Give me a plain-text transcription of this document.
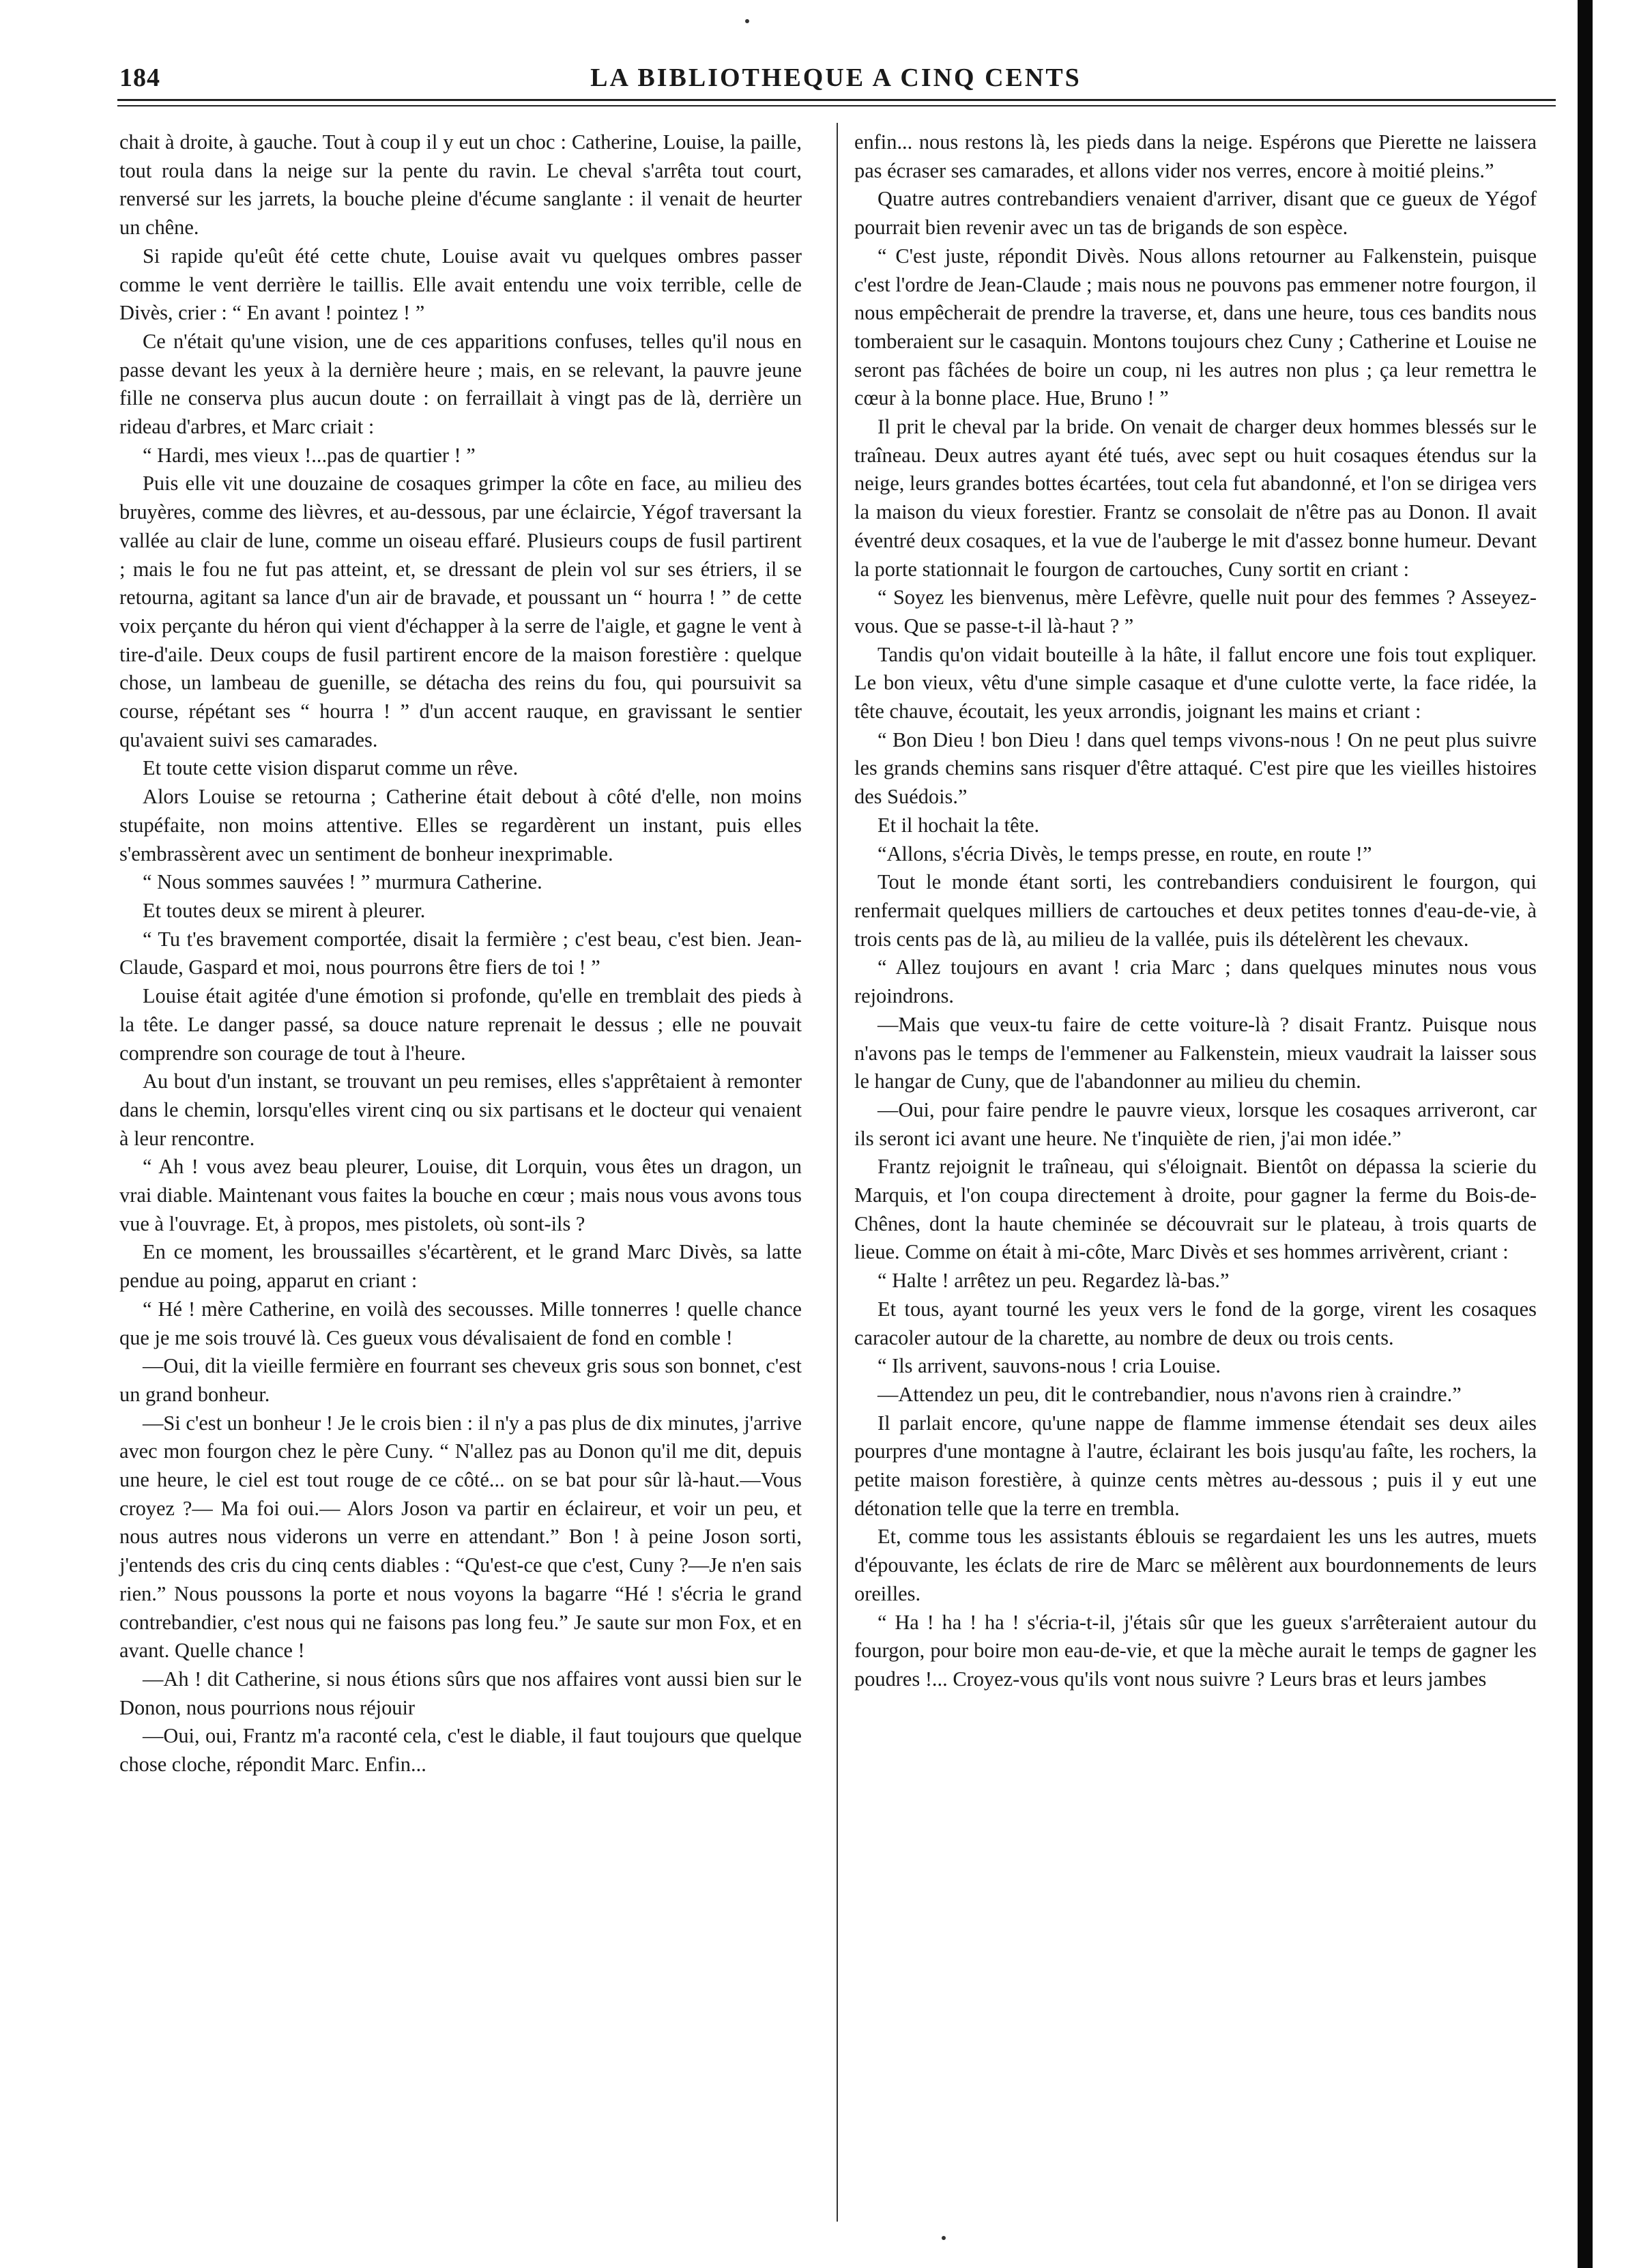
184	LA BIBLIOTHEQUE A CINQ CENTS

chait à droite, à gauche. Tout à coup il y eut un choc : Catherine, Louise, la paille, tout roula dans la neige sur la pente du ravin. Le cheval s'arrêta tout court, renversé sur les jarrets, la bouche pleine d'écume sanglante : il venait de heurter un chêne.

Si rapide qu'eût été cette chute, Louise avait vu quelques ombres passer comme le vent derrière le taillis. Elle avait entendu une voix terrible, celle de Divès, crier : “ En avant ! pointez ! ”

Ce n'était qu'une vision, une de ces apparitions confuses, telles qu'il nous en passe devant les yeux à la dernière heure ; mais, en se relevant, la pauvre jeune fille ne conserva plus aucun doute : on ferraillait à vingt pas de là, derrière un rideau d'arbres, et Marc criait :

“ Hardi, mes vieux !...pas de quartier ! ”

Puis elle vit une douzaine de cosaques grimper la côte en face, au milieu des bruyères, comme des lièvres, et au-dessous, par une éclaircie, Yégof traversant la vallée au clair de lune, comme un oiseau effaré. Plusieurs coups de fusil partirent ; mais le fou ne fut pas atteint, et, se dressant de plein vol sur ses étriers, il se retourna, agitant sa lance d'un air de bravade, et poussant un “ hourra ! ” de cette voix perçante du héron qui vient d'échapper à la serre de l'aigle, et gagne le vent à tire-d'aile. Deux coups de fusil partirent encore de la maison forestière : quelque chose, un lambeau de guenille, se détacha des reins du fou, qui poursuivit sa course, répétant ses “ hourra ! ” d'un accent rauque, en gravissant le sentier qu'avaient suivi ses camarades.

Et toute cette vision disparut comme un rêve.

Alors Louise se retourna ; Catherine était debout à côté d'elle, non moins stupéfaite, non moins attentive. Elles se regardèrent un instant, puis elles s'embrassèrent avec un sentiment de bonheur inexprimable.

“ Nous sommes sauvées ! ” murmura Catherine.

Et toutes deux se mirent à pleurer.

“ Tu t'es bravement comportée, disait la fermière ; c'est beau, c'est bien. Jean-Claude, Gaspard et moi, nous pourrons être fiers de toi ! ”

Louise était agitée d'une émotion si profonde, qu'elle en tremblait des pieds à la tête. Le danger passé, sa douce nature reprenait le dessus ; elle ne pouvait comprendre son courage de tout à l'heure.

Au bout d'un instant, se trouvant un peu remises, elles s'apprêtaient à remonter dans le chemin, lorsqu'elles virent cinq ou six partisans et le docteur qui venaient à leur rencontre.

“ Ah ! vous avez beau pleurer, Louise, dit Lorquin, vous êtes un dragon, un vrai diable. Maintenant vous faites la bouche en cœur ; mais nous vous avons tous vue à l'ouvrage. Et, à propos, mes pistolets, où sont-ils ?

En ce moment, les broussailles s'écartèrent, et le grand Marc Divès, sa latte pendue au poing, apparut en criant :

“ Hé ! mère Catherine, en voilà des secousses. Mille tonnerres ! quelle chance que je me sois trouvé là. Ces gueux vous dévalisaient de fond en comble !

—Oui, dit la vieille fermière en fourrant ses cheveux gris sous son bonnet, c'est un grand bonheur.

—Si c'est un bonheur ! Je le crois bien : il n'y a pas plus de dix minutes, j'arrive avec mon fourgon chez le père Cuny. “ N'allez pas au Donon qu'il me dit, depuis une heure, le ciel est tout rouge de ce côté... on se bat pour sûr là-haut.—Vous croyez ?— Ma foi oui.— Alors Joson va partir en éclaireur, et voir un peu, et nous autres nous viderons un verre en attendant.” Bon ! à peine Joson sorti, j'entends des cris du cinq cents diables : “Qu'est-ce que c'est, Cuny ?—Je n'en sais rien.” Nous poussons la porte et nous voyons la bagarre “Hé ! s'écria le grand contrebandier, c'est nous qui ne faisons pas long feu.” Je saute sur mon Fox, et en avant. Quelle chance !

—Ah ! dit Catherine, si nous étions sûrs que nos affaires vont aussi bien sur le Donon, nous pourrions nous réjouir

—Oui, oui, Frantz m'a raconté cela, c'est le diable, il faut toujours que quelque chose cloche, répondit Marc. Enfin...

enfin... nous restons là, les pieds dans la neige. Espérons que Pierette ne laissera pas écraser ses camarades, et allons vider nos verres, encore à moitié pleins.”

Quatre autres contrebandiers venaient d'arriver, disant que ce gueux de Yégof pourrait bien revenir avec un tas de brigands de son espèce.

“ C'est juste, répondit Divès. Nous allons retourner au Falkenstein, puisque c'est l'ordre de Jean-Claude ; mais nous ne pouvons pas emmener notre fourgon, il nous empêcherait de prendre la traverse, et, dans une heure, tous ces bandits nous tomberaient sur le casaquin. Montons toujours chez Cuny ; Catherine et Louise ne seront pas fâchées de boire un coup, ni les autres non plus ; ça leur remettra le cœur à la bonne place. Hue, Bruno ! ”

Il prit le cheval par la bride. On venait de charger deux hommes blessés sur le traîneau. Deux autres ayant été tués, avec sept ou huit cosaques étendus sur la neige, leurs grandes bottes écartées, tout cela fut abandonné, et l'on se dirigea vers la maison du vieux forestier. Frantz se consolait de n'être pas au Donon. Il avait éventré deux cosaques, et la vue de l'auberge le mit d'assez bonne humeur. Devant la porte stationnait le fourgon de cartouches, Cuny sortit en criant :

“ Soyez les bienvenus, mère Lefèvre, quelle nuit pour des femmes ? Asseyez-vous. Que se passe-t-il là-haut ? ”

Tandis qu'on vidait bouteille à la hâte, il fallut encore une fois tout expliquer. Le bon vieux, vêtu d'une simple casaque et d'une culotte verte, la face ridée, la tête chauve, écoutait, les yeux arrondis, joignant les mains et criant :

“ Bon Dieu ! bon Dieu ! dans quel temps vivons-nous ! On ne peut plus suivre les grands chemins sans risquer d'être attaqué. C'est pire que les vieilles histoires des Suédois.”

Et il hochait la tête.

“Allons, s'écria Divès, le temps presse, en route, en route !”

Tout le monde étant sorti, les contrebandiers conduisirent le fourgon, qui renfermait quelques milliers de cartouches et deux petites tonnes d'eau-de-vie, à trois cents pas de là, au milieu de la vallée, puis ils dételèrent les chevaux.

“ Allez toujours en avant ! cria Marc ; dans quelques minutes nous vous rejoindrons.

—Mais que veux-tu faire de cette voiture-là ? disait Frantz. Puisque nous n'avons pas le temps de l'emmener au Falkenstein, mieux vaudrait la laisser sous le hangar de Cuny, que de l'abandonner au milieu du chemin.

—Oui, pour faire pendre le pauvre vieux, lorsque les cosaques arriveront, car ils seront ici avant une heure. Ne t'inquiète de rien, j'ai mon idée.”

Frantz rejoignit le traîneau, qui s'éloignait. Bientôt on dépassa la scierie du Marquis, et l'on coupa directement à droite, pour gagner la ferme du Bois-de-Chênes, dont la haute cheminée se découvrait sur le plateau, à trois quarts de lieue. Comme on était à mi-côte, Marc Divès et ses hommes arrivèrent, criant :

“ Halte ! arrêtez un peu. Regardez là-bas.”

Et tous, ayant tourné les yeux vers le fond de la gorge, virent les cosaques caracoler autour de la charette, au nombre de deux ou trois cents.

“ Ils arrivent, sauvons-nous ! cria Louise.

—Attendez un peu, dit le contrebandier, nous n'avons rien à craindre.”

Il parlait encore, qu'une nappe de flamme immense étendait ses deux ailes pourpres d'une montagne à l'autre, éclairant les bois jusqu'au faîte, les rochers, la petite maison forestière, à quinze cents mètres au-dessous ; puis il y eut une détonation telle que la terre en trembla.

Et, comme tous les assistants éblouis se regardaient les uns les autres, muets d'épouvante, les éclats de rire de Marc se mêlèrent aux bourdonnements de leurs oreilles.

“ Ha ! ha ! ha ! s'écria-t-il, j'étais sûr que les gueux s'arrêteraient autour du fourgon, pour boire mon eau-de-vie, et que la mèche aurait le temps de gagner les poudres !... Croyez-vous qu'ils vont nous suivre ? Leurs bras et leurs jambes
